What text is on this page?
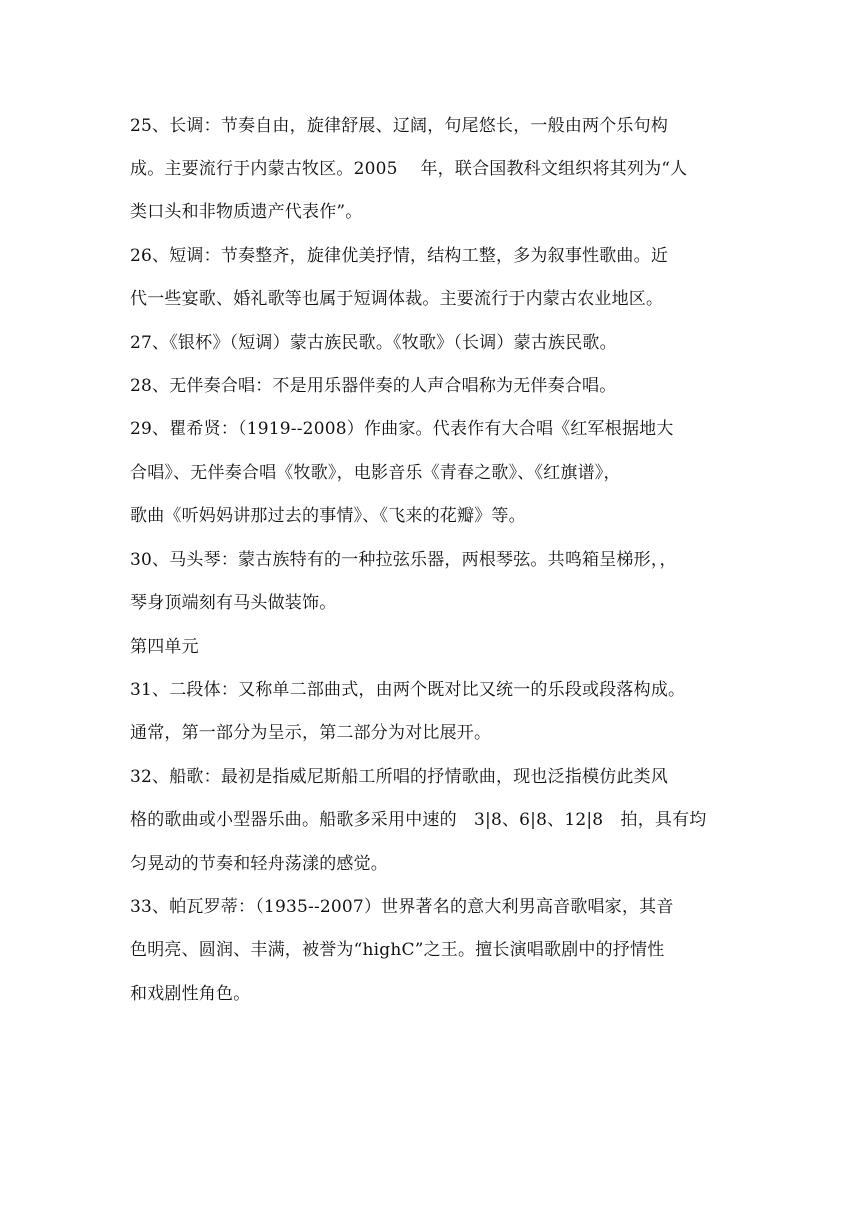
25、长调：节奏自由，旋律舒展、辽阔，句尾悠长，一般由两个乐句构
成。主要流行于内蒙古牧区。2005　 年，联合国教科文组织将其列为“人
类口头和非物质遗产代表作”。
26、短调：节奏整齐，旋律优美抒情，结构工整，多为叙事性歌曲。近
代一些宴歌、婚礼歌等也属于短调体裁。主要流行于内蒙古农业地区。
27、《银杯》（短调）蒙古族民歌。《牧歌》（长调）蒙古族民歌。
28、无伴奏合唱：不是用乐器伴奏的人声合唱称为无伴奏合唱。
29、瞿希贤：（1919--2008）作曲家。代表作有大合唱《红军根据地大
合唱》、无伴奏合唱《牧歌》，电影音乐《青春之歌》、《红旗谱》，
歌曲《听妈妈讲那过去的事情》、《飞来的花瓣》等。
30、马头琴：蒙古族特有的一种拉弦乐器，两根琴弦。共鸣箱呈梯形，，
琴身顶端刻有马头做装饰。
第四单元
31、二段体：又称单二部曲式，由两个既对比又统一的乐段或段落构成。
通常，第一部分为呈示，第二部分为对比展开。
32、船歌：最初是指威尼斯船工所唱的抒情歌曲，现也泛指模仿此类风
格的歌曲或小型器乐曲。船歌多采用中速的　3|8、6|8、12|8　拍，具有均
匀晃动的节奏和轻舟荡漾的感觉。
33、帕瓦罗蒂：（1935--2007）世界著名的意大利男高音歌唱家，其音
色明亮、圆润、丰满，被誉为“highC”之王。擅长演唱歌剧中的抒情性
和戏剧性角色。
